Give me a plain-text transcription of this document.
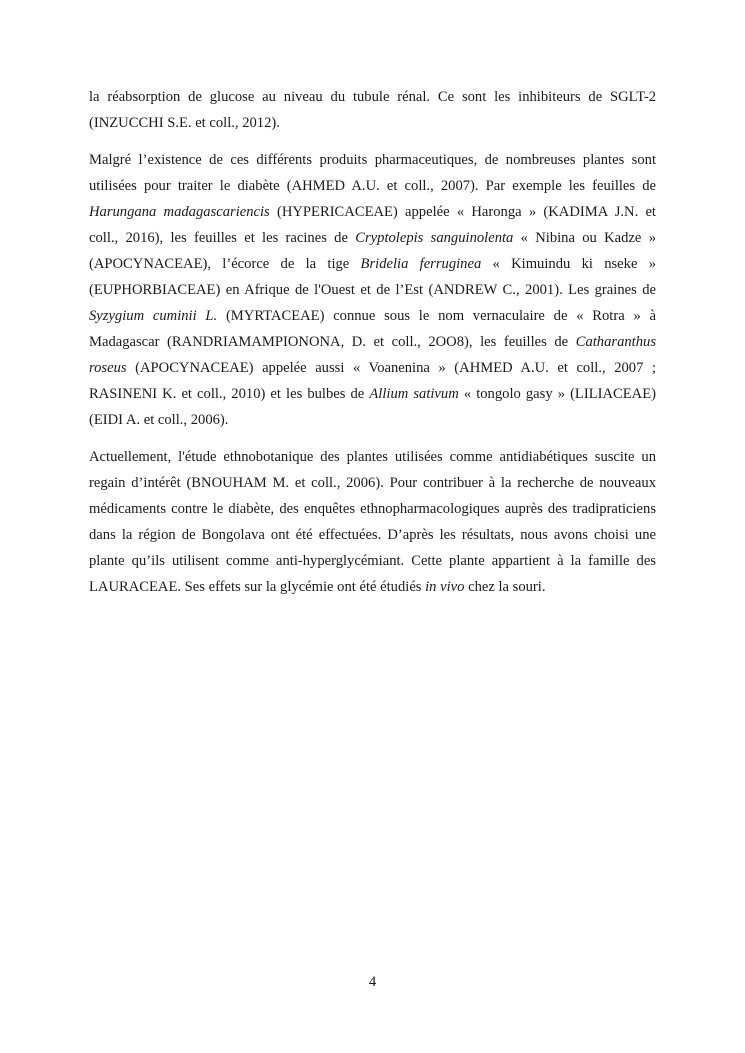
la réabsorption de glucose au niveau du tubule rénal. Ce sont les inhibiteurs de SGLT-2
(INZUCCHI S.E. et coll., 2012).
Malgré l’existence de ces différents produits pharmaceutiques, de nombreuses plantes sont
utilisées pour traiter le diabète (AHMED A.U. et coll., 2007). Par exemple les feuilles de
Harungana madagascariencis (HYPERICACEAE) appelée « Haronga » (KADIMA J.N. et
coll., 2016), les feuilles et les racines de Cryptolepis sanguinolenta « Nibina ou Kadze »
(APOCYNACEAE), l’écorce de la tige Bridelia ferruginea « Kimuindu ki nseke »
(EUPHORBIACEAE) en Afrique de l'Ouest et de l’Est (ANDREW C., 2001). Les graines de
Syzygium cuminii L. (MYRTACEAE) connue sous le nom vernaculaire de « Rotra » à
Madagascar (RANDRIAMAMPIONONA, D. et coll., 2OO8), les feuilles de Catharanthus
roseus (APOCYNACEAE) appelée aussi « Voanenina » (AHMED A.U. et coll., 2007 ;
RASINENI K. et coll., 2010) et les bulbes de Allium sativum « tongolo gasy » (LILIACEAE)
(EIDI A. et coll., 2006).
Actuellement, l'étude ethnobotanique des plantes utilisées comme antidiabétiques suscite un
regain d’intérêt (BNOUHAM M. et coll., 2006). Pour contribuer à la recherche de nouveaux
médicaments contre le diabète, des enquêtes ethnopharmacologiques auprès des tradipraticiens
dans la région de Bongolava ont été effectuées. D’après les résultats, nous avons choisi une
plante qu’ils utilisent comme anti-hyperglycémiant. Cette plante appartient à la famille des
LAURACEAE. Ses effets sur la glycémie ont été étudiés in vivo chez la souri.
4
